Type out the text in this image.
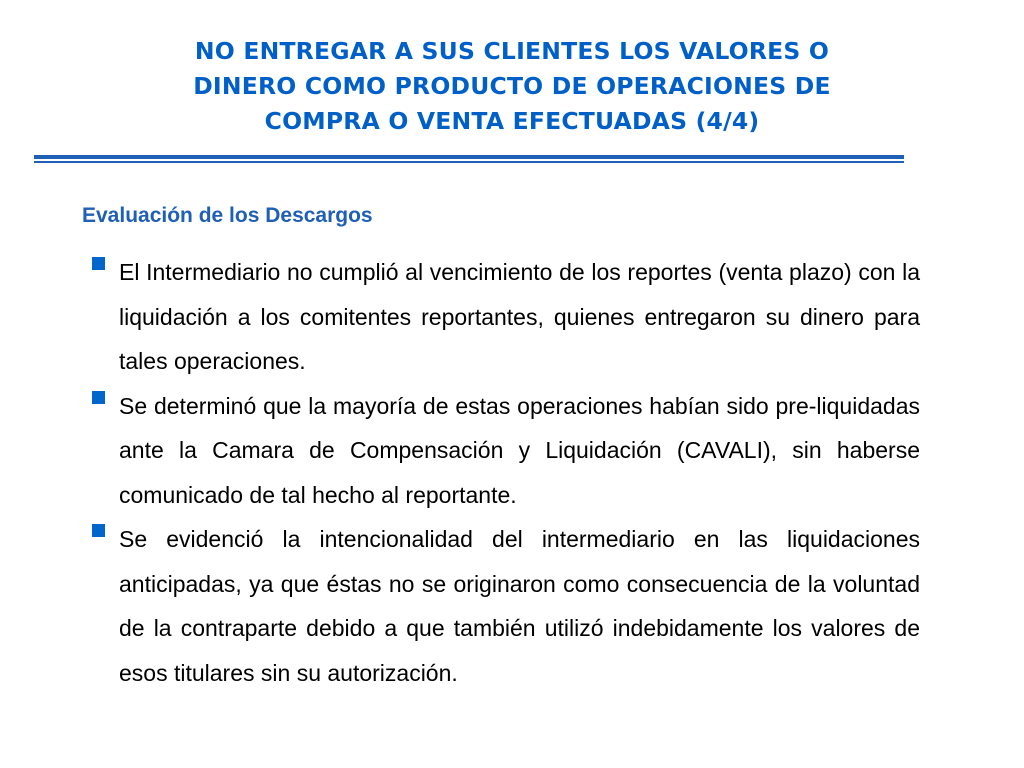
NO ENTREGAR A SUS CLIENTES LOS VALORES O
DINERO COMO PRODUCTO DE OPERACIONES DE
COMPRA O VENTA EFECTUADAS (4/4)
Evaluación de los Descargos
El Intermediario no cumplió al vencimiento de los reportes (venta plazo) con la liquidación a los comitentes reportantes, quienes entregaron su dinero para tales operaciones.
Se determinó que la mayoría de estas operaciones habían sido pre-liquidadas ante la Camara de Compensación y Liquidación (CAVALI), sin haberse comunicado de tal hecho al reportante.
Se evidenció la intencionalidad del intermediario en las liquidaciones anticipadas, ya que éstas no se originaron como consecuencia de la voluntad de la contraparte debido a que también utilizó indebidamente los valores de esos titulares sin su autorización.
